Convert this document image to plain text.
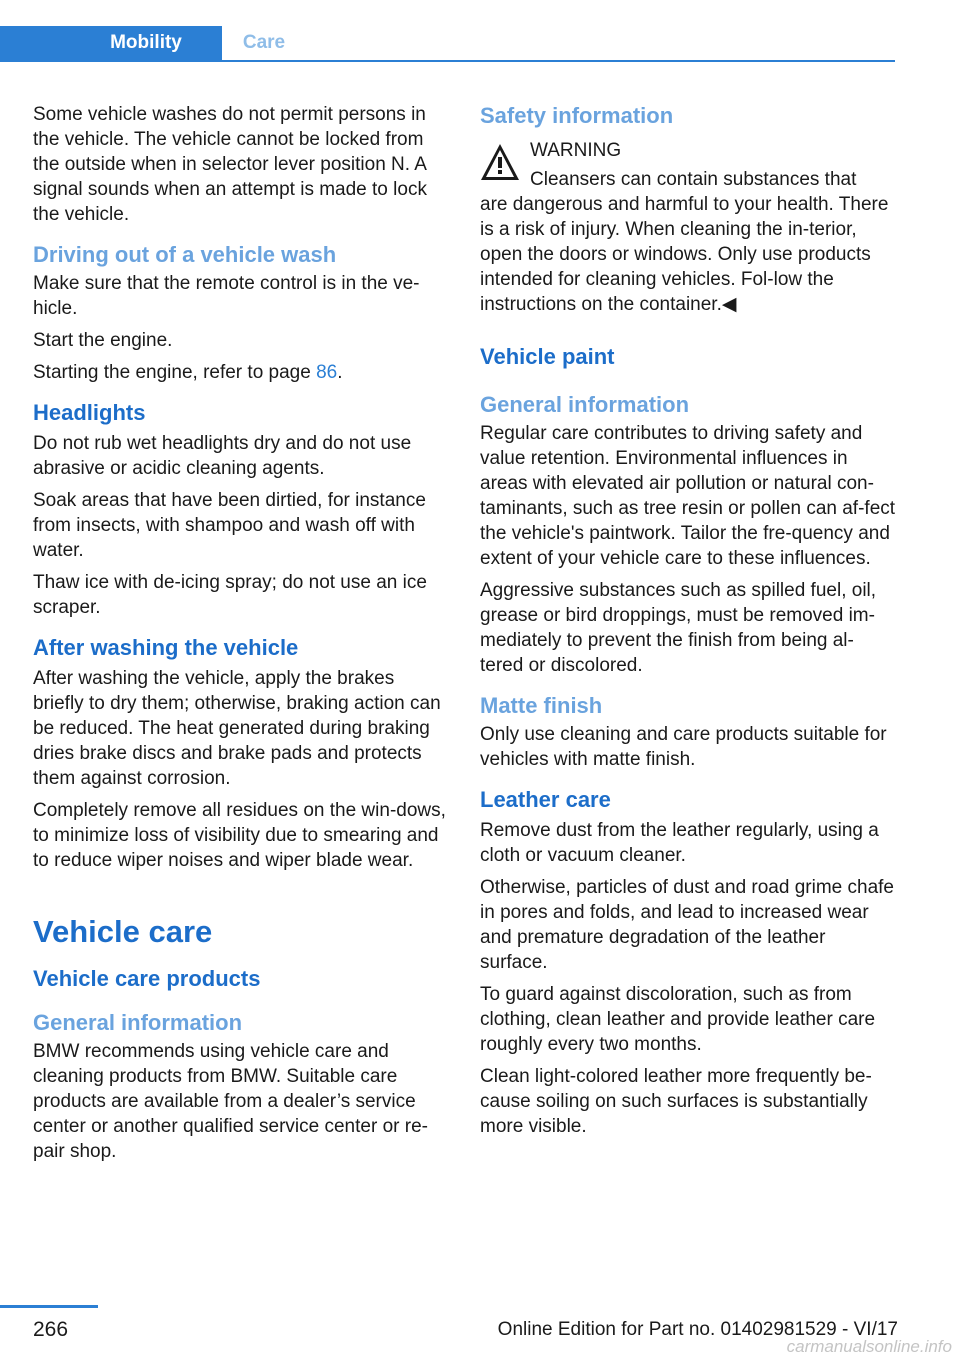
Mobility	Care

Some vehicle washes do not permit persons in the vehicle. The vehicle cannot be locked from the outside when in selector lever position N. A signal sounds when an attempt is made to lock the vehicle.

Driving out of a vehicle wash

Make sure that the remote control is in the ve‐hicle.

Start the engine.

Starting the engine, refer to page 86.

Headlights

Do not rub wet headlights dry and do not use abrasive or acidic cleaning agents.

Soak areas that have been dirtied, for instance from insects, with shampoo and wash off with water.

Thaw ice with de-icing spray; do not use an ice scraper.

After washing the vehicle

After washing the vehicle, apply the brakes briefly to dry them; otherwise, braking action can be reduced. The heat generated during braking dries brake discs and brake pads and protects them against corrosion.

Completely remove all residues on the win‐dows, to minimize loss of visibility due to smearing and to reduce wiper noises and wiper blade wear.

Vehicle care
Vehicle care products
General information

BMW recommends using vehicle care and cleaning products from BMW. Suitable care products are available from a dealer’s service center or another qualified service center or re‐pair shop.

Safety information

WARNING

Cleansers can contain substances that

are dangerous and harmful to your health. There is a risk of injury. When cleaning the in‐terior, open the doors or windows. Only use products intended for cleaning vehicles. Fol‐low the instructions on the container.◀

Vehicle paint
General information

Regular care contributes to driving safety and value retention. Environmental influences in areas with elevated air pollution or natural con‐taminants, such as tree resin or pollen can af‐fect the vehicle's paintwork. Tailor the fre‐quency and extent of your vehicle care to these influences.

Aggressive substances such as spilled fuel, oil, grease or bird droppings, must be removed im‐mediately to prevent the finish from being al‐tered or discolored.

Matte finish

Only use cleaning and care products suitable for vehicles with matte finish.

Leather care

Remove dust from the leather regularly, using a cloth or vacuum cleaner.

Otherwise, particles of dust and road grime chafe in pores and folds, and lead to increased wear and premature degradation of the leather surface.

To guard against discoloration, such as from clothing, clean leather and provide leather care roughly every two months.

Clean light-colored leather more frequently be‐cause soiling on such surfaces is substantially more visible.

266	Online Edition for Part no. 01402981529 - VI/17
carmanualsonline.info
